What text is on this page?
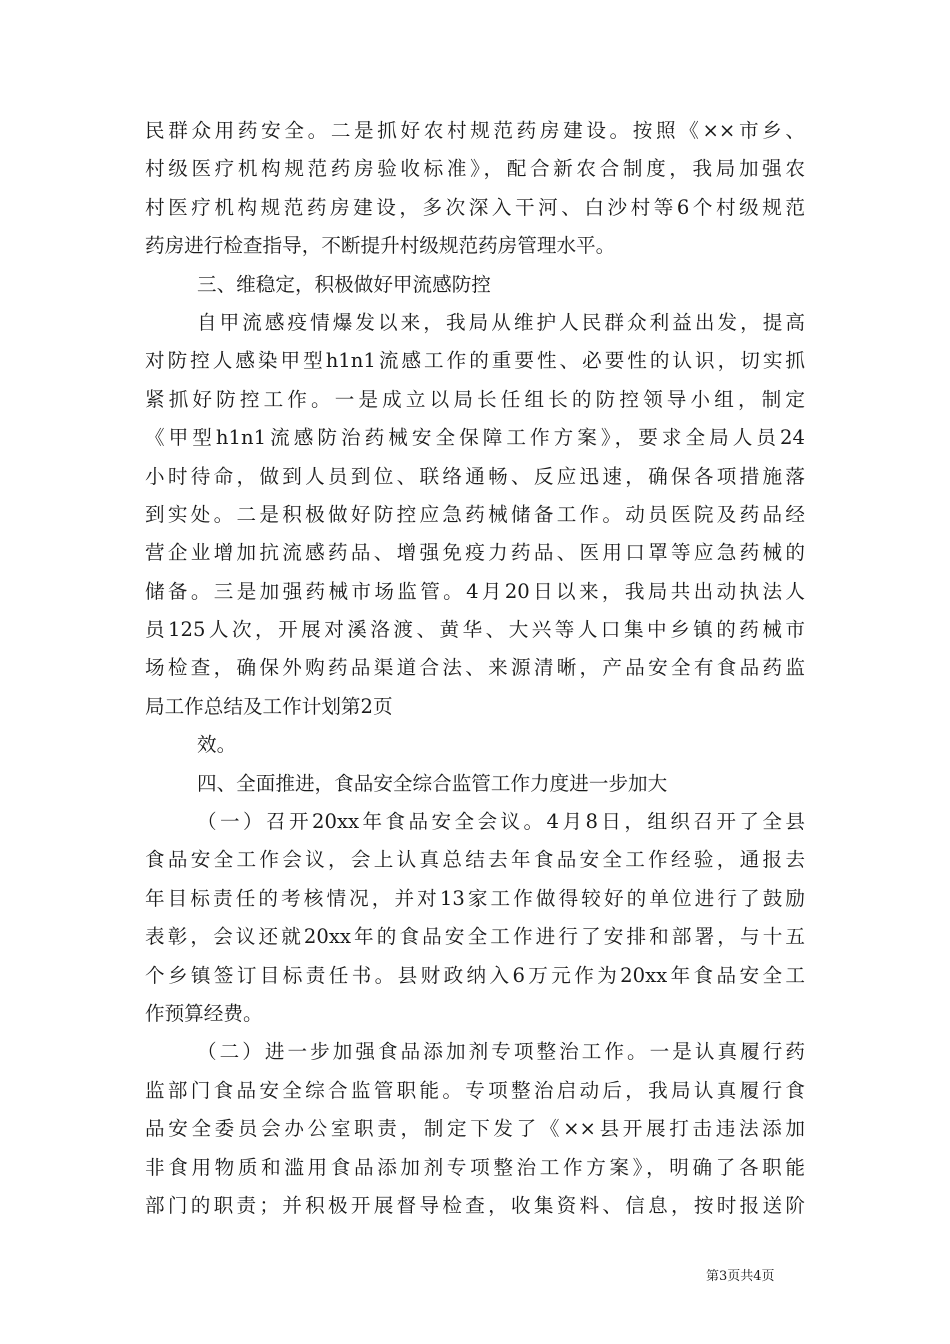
民群众用药安全。二是抓好农村规范药房建设。按照《××市乡、
村级医疗机构规范药房验收标准》，配合新农合制度，我局加强农
村医疗机构规范药房建设，多次深入干河、白沙村等6个村级规范
药房进行检查指导，不断提升村级规范药房管理水平。
三、维稳定，积极做好甲流感防控
自甲流感疫情爆发以来，我局从维护人民群众利益出发，提高
对防控人感染甲型h1n1流感工作的重要性、必要性的认识，切实抓
紧抓好防控工作。一是成立以局长任组长的防控领导小组，制定
《甲型h1n1流感防治药械安全保障工作方案》，要求全局人员24
小时待命，做到人员到位、联络通畅、反应迅速，确保各项措施落
到实处。二是积极做好防控应急药械储备工作。动员医院及药品经
营企业增加抗流感药品、增强免疫力药品、医用口罩等应急药械的
储备。三是加强药械市场监管。4月20日以来，我局共出动执法人
员125人次，开展对溪洛渡、黄华、大兴等人口集中乡镇的药械市
场检查，确保外购药品渠道合法、来源清晰，产品安全有食品药监
局工作总结及工作计划第2页
效。
四、全面推进，食品安全综合监管工作力度进一步加大
（一）召开20xx年食品安全会议。4月8日，组织召开了全县
食品安全工作会议，会上认真总结去年食品安全工作经验，通报去
年目标责任的考核情况，并对13家工作做得较好的单位进行了鼓励
表彰，会议还就20xx年的食品安全工作进行了安排和部署，与十五
个乡镇签订目标责任书。县财政纳入6万元作为20xx年食品安全工
作预算经费。
（二）进一步加强食品添加剂专项整治工作。一是认真履行药
监部门食品安全综合监管职能。专项整治启动后，我局认真履行食
品安全委员会办公室职责，制定下发了《××县开展打击违法添加
非食用物质和滥用食品添加剂专项整治工作方案》，明确了各职能
部门的职责；并积极开展督导检查，收集资料、信息，按时报送阶
第3页共4页
